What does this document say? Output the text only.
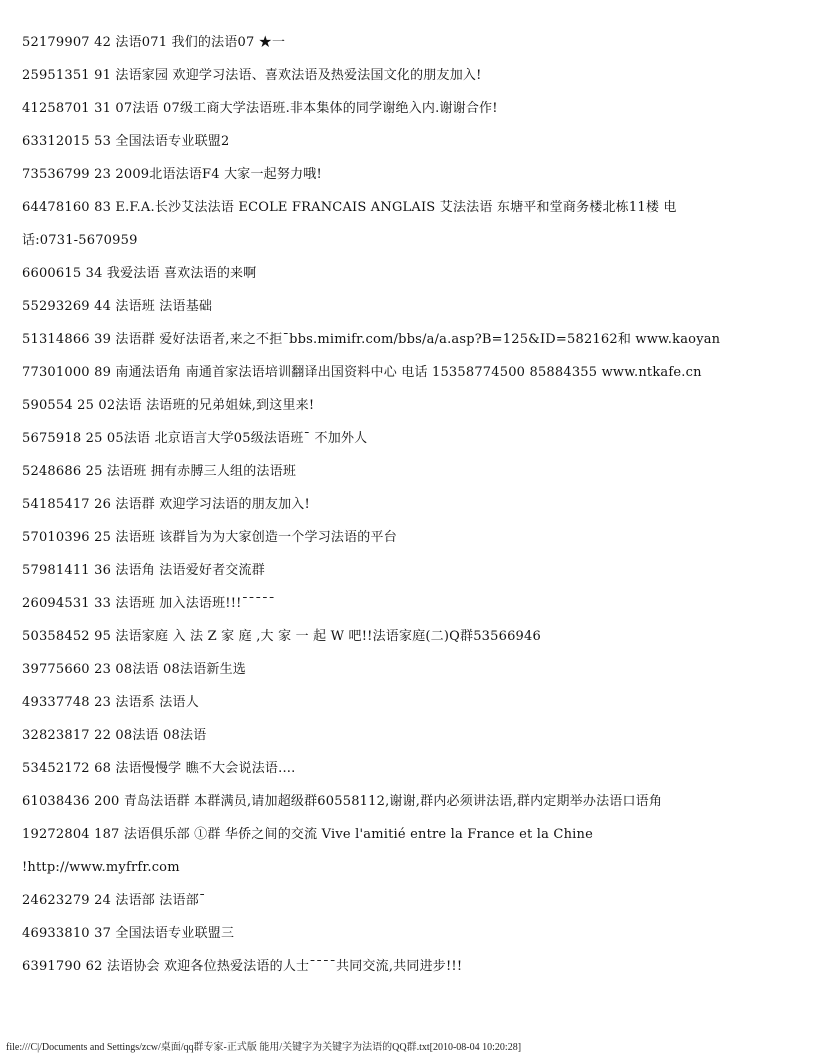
52179907 42 法语071 我们的法语07 ★一
25951351 91 法语家园 欢迎学习法语、喜欢法语及热爱法国文化的朋友加入!
41258701 31 07法语 07级工商大学法语班.非本集体的同学谢绝入内.谢谢合作!
63312015 53 全国法语专业联盟2
73536799 23 2009北语法语F4 大家一起努力哦!
64478160 83 E.F.A.长沙艾法法语 ECOLE FRANCAIS ANGLAIS 艾法法语 东塘平和堂商务楼北栋11楼 电
话:0731-5670959
6600615 34 我爱法语 喜欢法语的来啊
55293269 44 法语班 法语基础
51314866 39 法语群 爱好法语者,来之不拒¯bbs.mimifr.com/bbs/a/a.asp?B=125&ID=582162和 www.kaoyan
77301000 89 南通法语角 南通首家法语培训翻译出国资料中心 电话 15358774500 85884355 www.ntkafe.cn
590554 25 02法语 法语班的兄弟姐妹,到这里来!
5675918 25 05法语 北京语言大学05级法语班¯ 不加外人
5248686 25 法语班 拥有赤膊三人组的法语班
54185417 26 法语群 欢迎学习法语的朋友加入!
57010396 25 法语班 该群旨为为大家创造一个学习法语的平台
57981411 36 法语角 法语爱好者交流群
26094531 33 法语班 加入法语班!!!¯¯¯¯¯
50358452 95 法语家庭 入 法 Z 家 庭 ,大 家 一 起 W 吧!!法语家庭(二)Q群53566946
39775660 23 08法语 08法语新生选
49337748 23 法语系 法语人
32823817 22 08法语 08法语
53452172 68 法语慢慢学 瞧不大会说法语....
61038436 200 青岛法语群 本群满员,请加超级群60558112,谢谢,群内必须讲法语,群内定期举办法语口语角
19272804 187 法语俱乐部 ①群 华侨之间的交流 Vive l'amitié entre la France et la Chine
!http://www.myfrfr.com
24623279 24 法语部 法语部¯
46933810 37 全国法语专业联盟三
6391790 62 法语协会 欢迎各位热爱法语的人士¯¯¯¯共同交流,共同进步!!!
file:///C|/Documents and Settings/zcw/桌面/qq群专家-正式版 能用/关键字为关键字为法语的QQ群.txt[2010-08-04 10:20:28]
